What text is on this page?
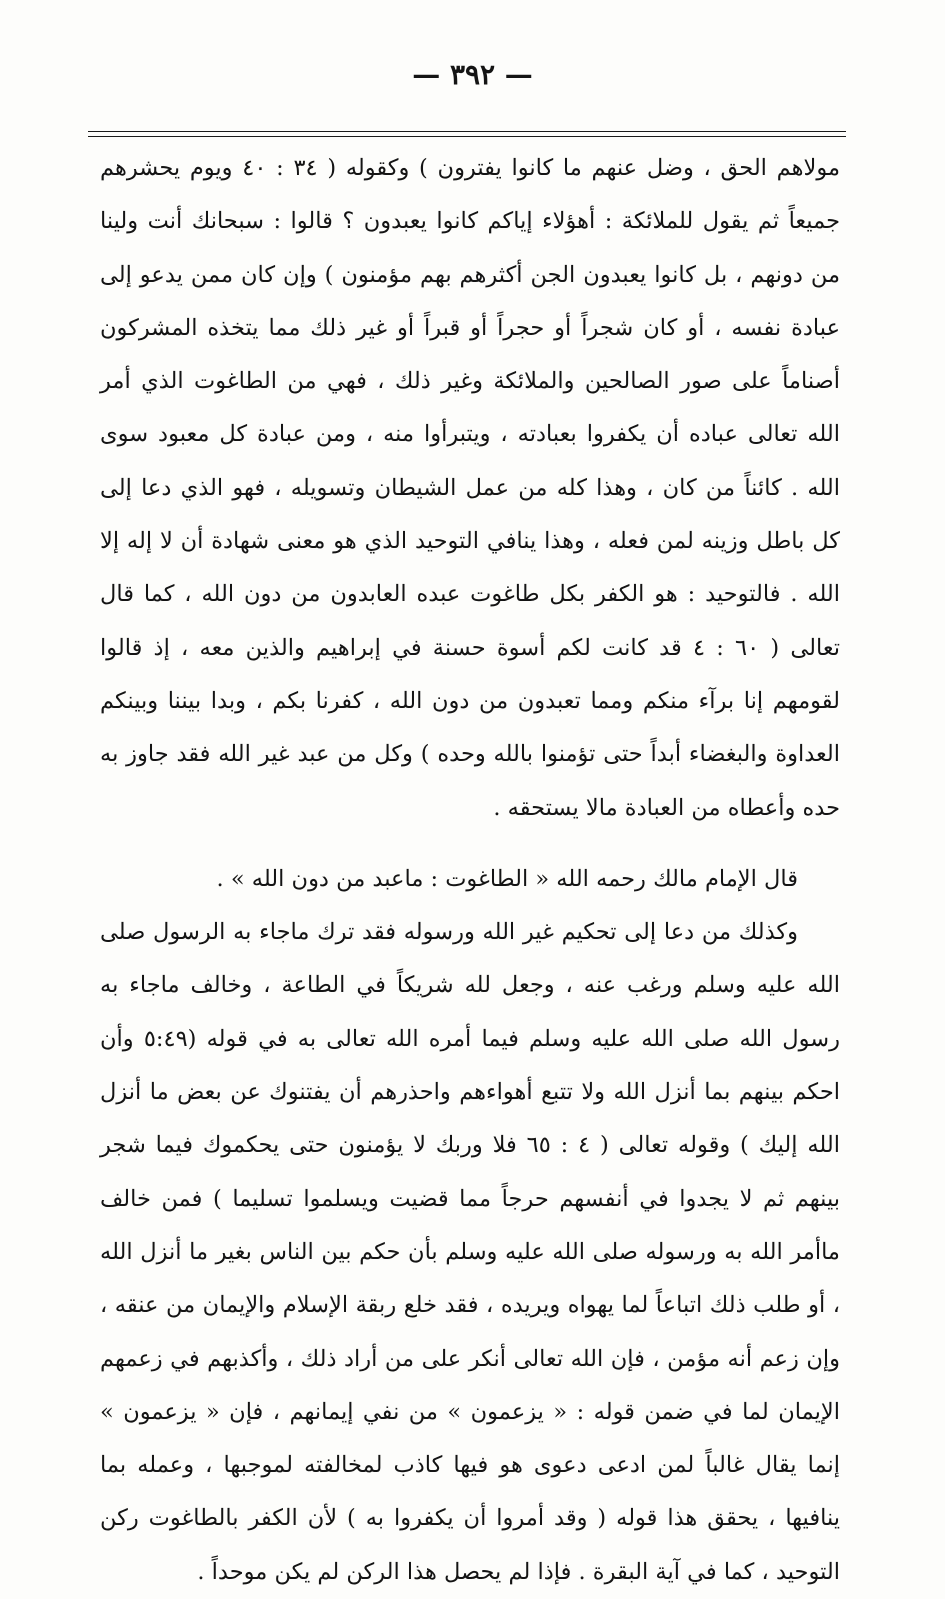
— ٣٩٢ —

مولاهم الحق ، وضل عنهم ما كانوا يفترون ) وكقوله ( ٣٤ : ٤٠ ويوم يحشرهم جميعاً ثم يقول للملائكة : أهؤلاء إياكم كانوا يعبدون ؟ قالوا : سبحانك أنت ولينا من دونهم ، بل كانوا يعبدون الجن أكثرهم بهم مؤمنون ) وإن كان ممن يدعو إلى عبادة نفسه ، أو كان شجراً أو حجراً أو قبراً أو غير ذلك مما يتخذه المشركون أصناماً على صور الصالحين والملائكة وغير ذلك ، فهي من الطاغوت الذي أمر الله تعالى عباده أن يكفروا بعبادته ، ويتبرأوا منه ، ومن عبادة كل معبود سوى الله . كائناً من كان ، وهذا كله من عمل الشيطان وتسويله ، فهو الذي دعا إلى كل باطل وزينه لمن فعله ، وهذا ينافي التوحيد الذي هو معنى شهادة أن لا إله إلا الله . فالتوحيد : هو الكفر بكل طاغوت عبده العابدون من دون الله ، كما قال تعالى ( ٦٠ : ٤ قد كانت لكم أسوة حسنة في إبراهيم والذين معه ، إذ قالوا لقومهم إنا برآء منكم ومما تعبدون من دون الله ، كفرنا بكم ، وبدا بيننا وبينكم العداوة والبغضاء أبداً حتى تؤمنوا بالله وحده ) وكل من عبد غير الله فقد جاوز به حده وأعطاه من العبادة مالا يستحقه .

قال الإمام مالك رحمه الله « الطاغوت : ماعبد من دون الله » .

وكذلك من دعا إلى تحكيم غير الله ورسوله فقد ترك ماجاء به الرسول صلى الله عليه وسلم ورغب عنه ، وجعل لله شريكاً في الطاعة ، وخالف ماجاء به رسول الله صلى الله عليه وسلم فيما أمره الله تعالى به في قوله (٥:٤٩ وأن احكم بينهم بما أنزل الله ولا تتبع أهواءهم واحذرهم أن يفتنوك عن بعض ما أنزل الله إليك ) وقوله تعالى ( ٤ : ٦٥ فلا وربك لا يؤمنون حتى يحكموك فيما شجر بينهم ثم لا يجدوا في أنفسهم حرجاً مما قضيت ويسلموا تسليما ) فمن خالف ماأمر الله به ورسوله صلى الله عليه وسلم بأن حكم بين الناس بغير ما أنزل الله ، أو طلب ذلك اتباعاً لما يهواه ويريده ، فقد خلع ربقة الإسلام والإيمان من عنقه ، وإن زعم أنه مؤمن ، فإن الله تعالى أنكر على من أراد ذلك ، وأكذبهم في زعمهم الإيمان لما في ضمن قوله : « يزعمون » من نفي إيمانهم ، فإن « يزعمون » إنما يقال غالباً لمن ادعى دعوى هو فيها كاذب لمخالفته لموجبها ، وعمله بما ينافيها ، يحقق هذا قوله ( وقد أمروا أن يكفروا به ) لأن الكفر بالطاغوت ركن التوحيد ، كما في آية البقرة . فإذا لم يحصل هذا الركن لم يكن موحداً .
